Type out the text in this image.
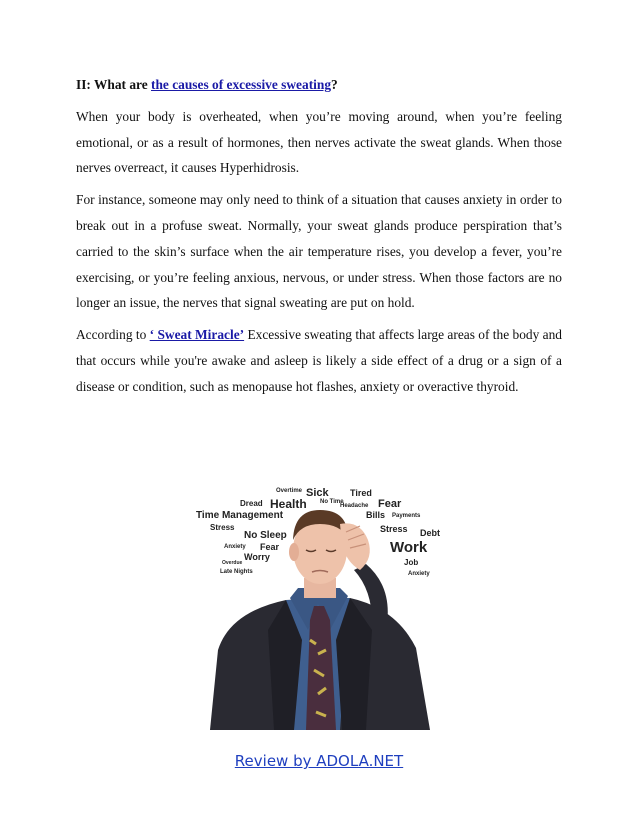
II: What are the causes of excessive sweating?

When your body is overheated, when you’re moving around, when you’re feeling emotional, or as a result of hormones, then nerves activate the sweat glands. When those nerves overreact, it causes Hyperhidrosis.

For instance, someone may only need to think of a situation that causes anxiety in order to break out in a profuse sweat. Normally, your sweat glands produce perspiration that’s carried to the skin’s surface when the air temperature rises, you develop a fever, you’re exercising, or you’re feeling anxious, nervous, or under stress. When those factors are no longer an issue, the nerves that signal sweating are put on hold.

According to ‘ Sweat Miracle’ Excessive sweating that affects large areas of the body and that occurs while you're awake and asleep is likely a side effect of a drug or a sign of a disease or condition, such as menopause hot flashes, anxiety or overactive thyroid.

Overtime Sick Tired
Dread Health No Time
Headache Fear
Time Management	Bills Payments
Stress
No Sleep
Stress Debt
Anxiety Fear	Work
Worry
Overdue
Late Nights
Job
Anxiety
Review by ADOLA.NET
